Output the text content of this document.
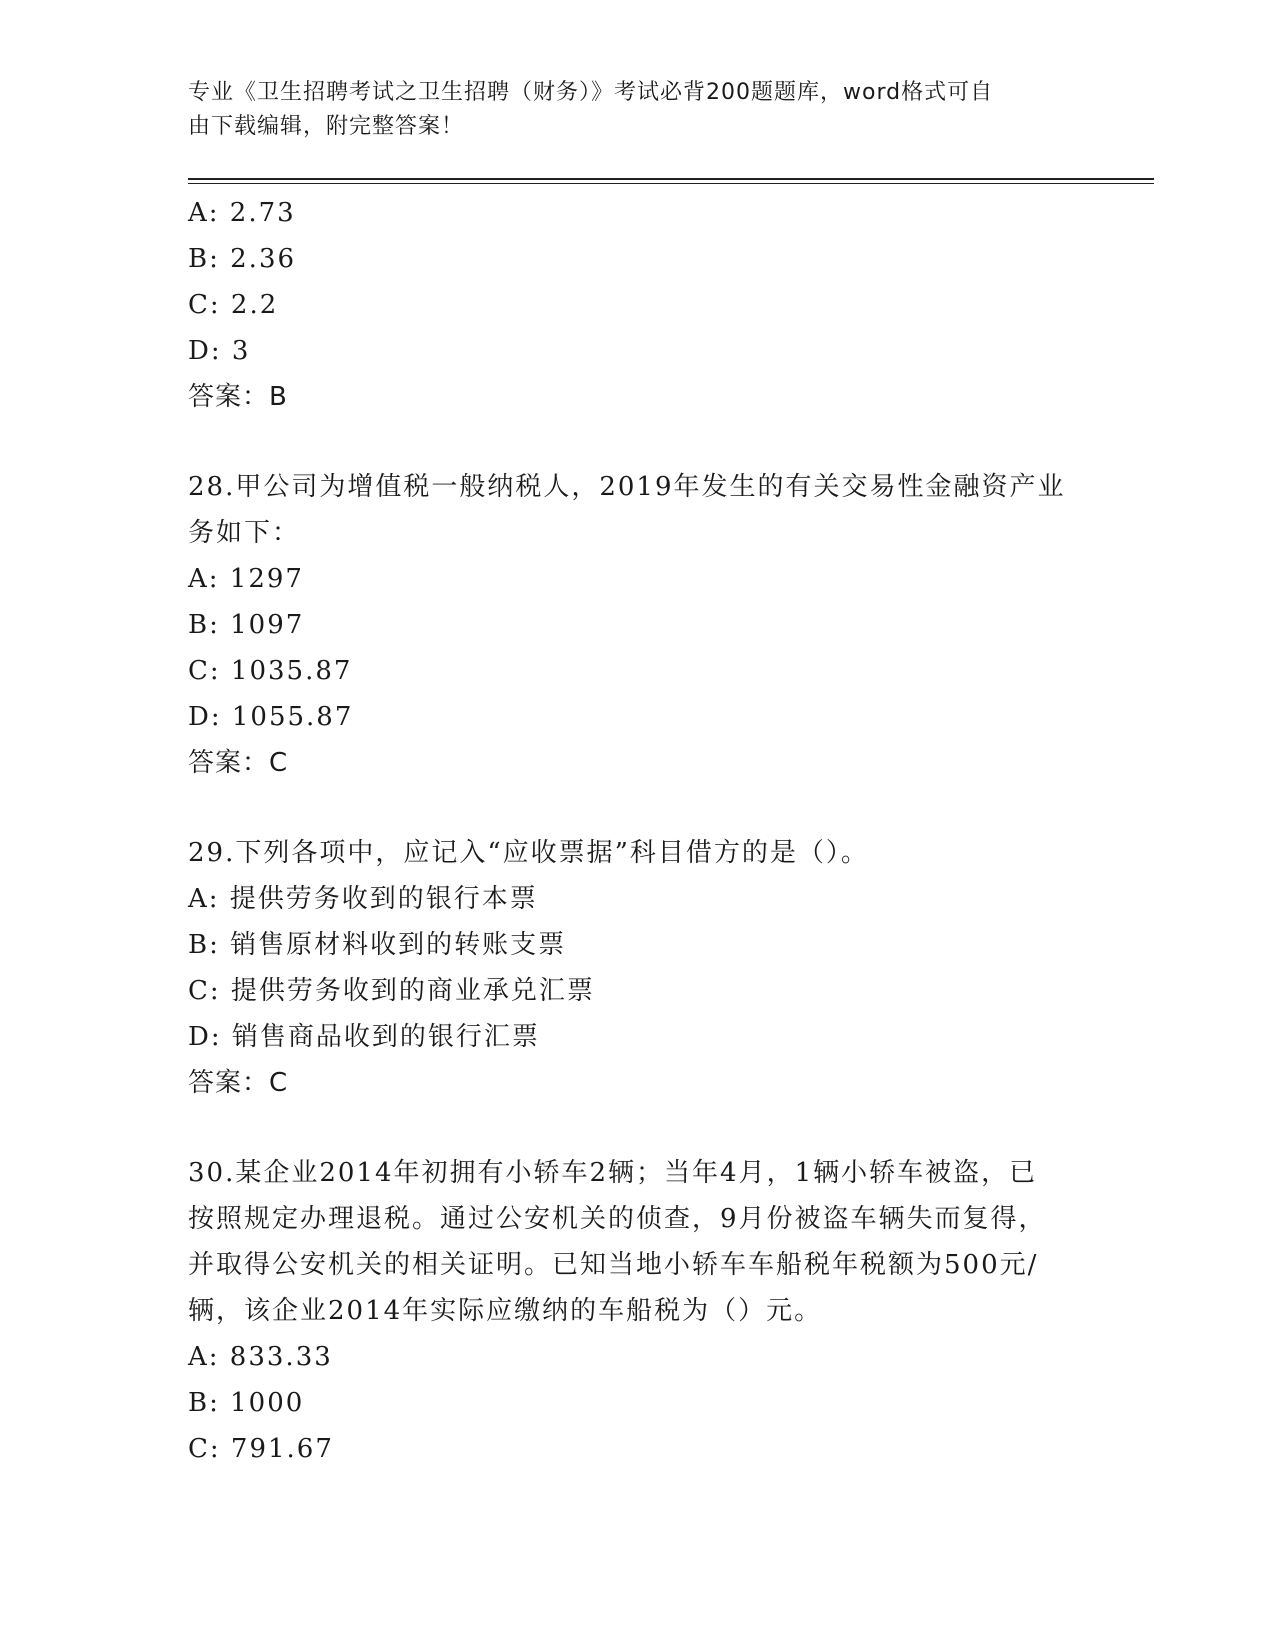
专业《卫生招聘考试之卫生招聘（财务）》考试必背200题题库，word格式可自
由下载编辑，附完整答案！
A: 2.73
B: 2.36
C: 2.2
D: 3
答案：B
28.甲公司为增值税一般纳税人，2019年发生的有关交易性金融资产业
务如下：
A: 1297
B: 1097
C: 1035.87
D: 1055.87
答案：C
29.下列各项中，应记入“应收票据”科目借方的是（）。
A: 提供劳务收到的银行本票
B: 销售原材料收到的转账支票
C: 提供劳务收到的商业承兑汇票
D: 销售商品收到的银行汇票
答案：C
30.某企业2014年初拥有小轿车2辆；当年4月，1辆小轿车被盗，已
按照规定办理退税。通过公安机关的侦查，9月份被盗车辆失而复得，
并取得公安机关的相关证明。已知当地小轿车车船税年税额为500元/
辆，该企业2014年实际应缴纳的车船税为（）元。
A: 833.33
B: 1000
C: 791.67
